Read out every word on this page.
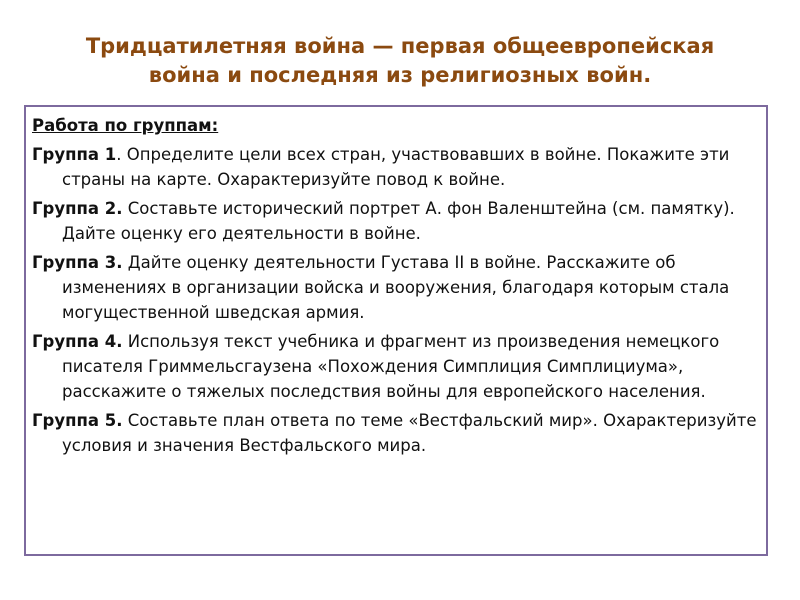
Тридцатилетняя война — первая общеевропейская
война и последняя из религиозных войн.

Работа по группам:

Группа 1. Определите цели всех стран, участвовавших в войне. Покажите эти страны на карте. Охарактеризуйте повод к войне.

Группа 2. Составьте исторический портрет А. фон Валенштейна (см. памятку). Дайте оценку его деятельности в войне.

Группа 3. Дайте оценку деятельности Густава II в войне. Расскажите об изменениях в организации войска и вооружения, благодаря которым стала могущественной шведская армия.

Группа 4. Используя текст учебника и фрагмент из произведения немецкого писателя Гриммельсгаузена «Похождения Симплиция Симплициума», расскажите о тяжелых последствия войны для европейского населения.

Группа 5. Составьте план ответа по теме «Вестфальский мир». Охарактеризуйте условия и значения Вестфальского мира.
